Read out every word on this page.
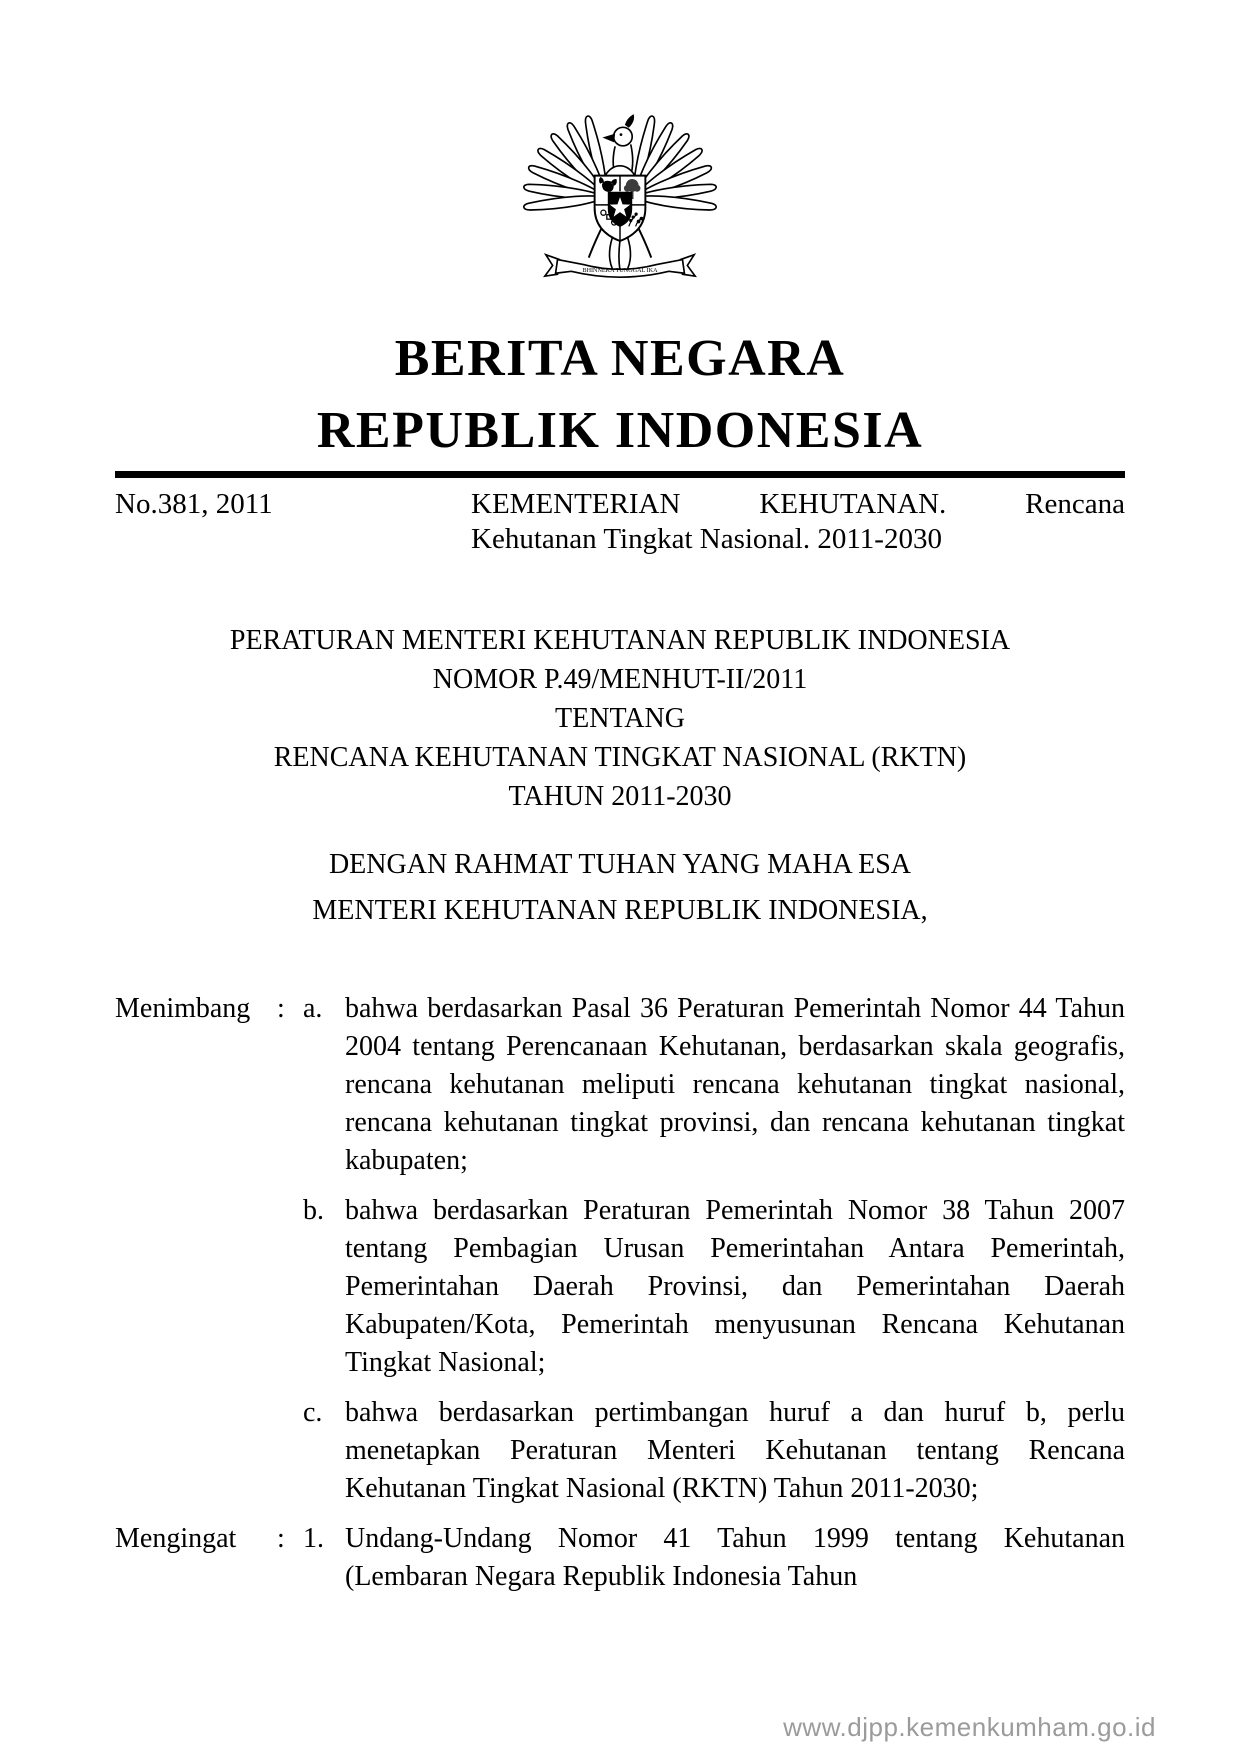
BHINNEKA TUNGGAL IKA
BERITA NEGARA
REPUBLIK INDONESIA
No.381, 2011	KEMENTERIAN KEHUTANAN. Rencana
Kehutanan Tingkat Nasional. 2011-2030
PERATURAN MENTERI KEHUTANAN REPUBLIK INDONESIA
NOMOR P.49/MENHUT-II/2011
TENTANG
RENCANA KEHUTANAN TINGKAT NASIONAL (RKTN)
TAHUN 2011-2030
DENGAN RAHMAT TUHAN YANG MAHA ESA
MENTERI KEHUTANAN REPUBLIK INDONESIA,
Menimbang : a. bahwa berdasarkan Pasal 36 Peraturan Pemerintah Nomor 44 Tahun 2004 tentang Perencanaan Kehutanan, berdasarkan skala geografis, rencana kehutanan meliputi rencana kehutanan tingkat nasional, rencana kehutanan tingkat provinsi, dan rencana kehutanan tingkat kabupaten;
b. bahwa berdasarkan Peraturan Pemerintah Nomor 38 Tahun 2007 tentang Pembagian Urusan Pemerintahan Antara Pemerintah, Pemerintahan Daerah Provinsi, dan Pemerintahan Daerah Kabupaten/Kota, Pemerintah menyusunan Rencana Kehutanan Tingkat Nasional;
c. bahwa berdasarkan pertimbangan huruf a dan huruf b, perlu menetapkan Peraturan Menteri Kehutanan tentang Rencana Kehutanan Tingkat Nasional (RKTN) Tahun 2011-2030;
Mengingat	: 1. Undang-Undang Nomor 41 Tahun 1999 tentang Kehutanan (Lembaran Negara Republik Indonesia Tahun
www.djpp.kemenkumham.go.id
